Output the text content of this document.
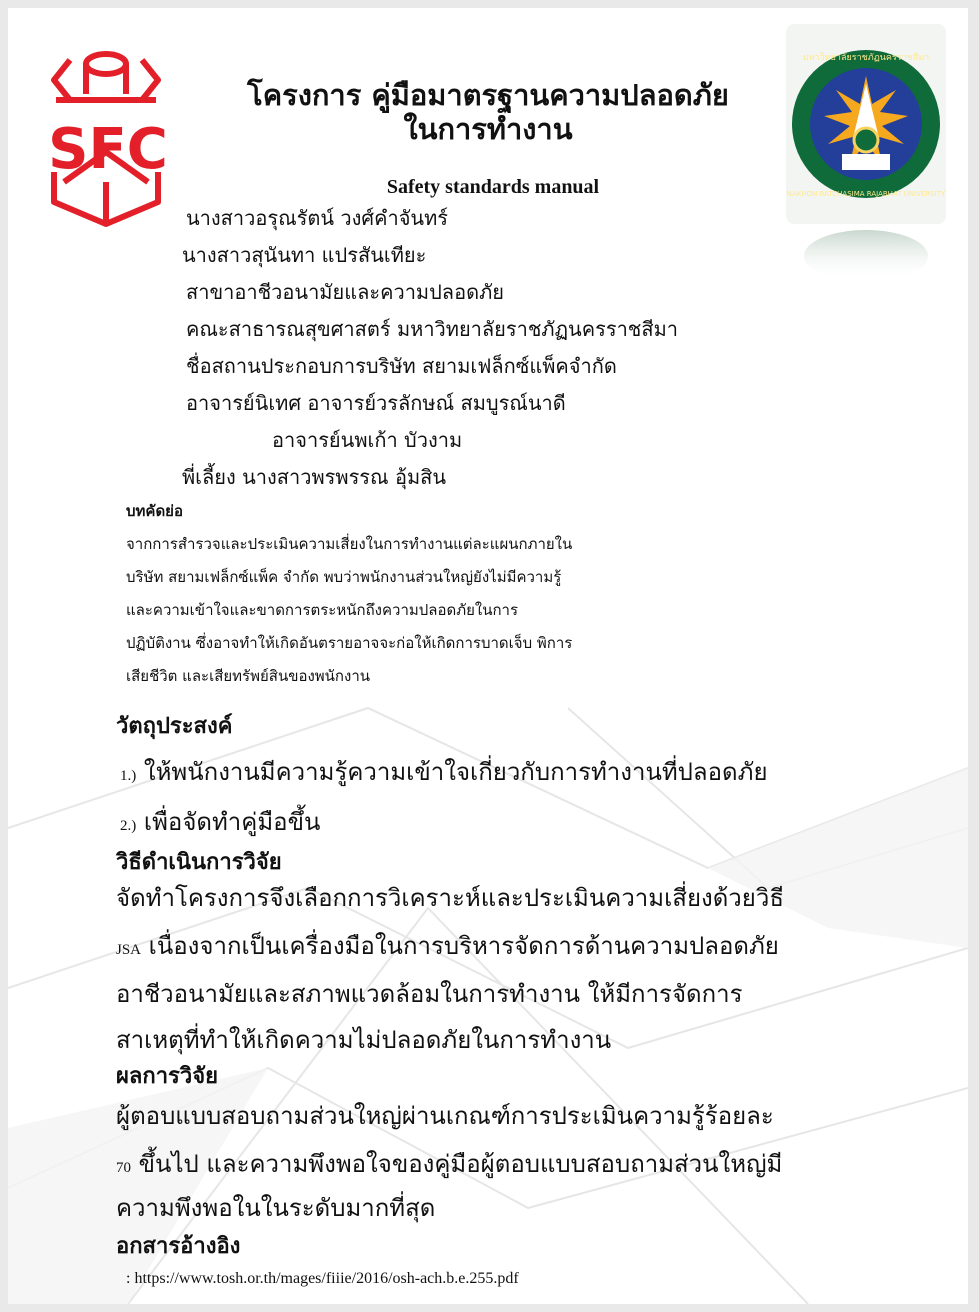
SFC
มหาวิทยาลัยราชภัฏนครราชสีมา
NAKHON RATCHASIMA RAJABHAT UNIVERSITY
โครงการ คู่มือมาตรฐานความปลอดภัย
ในการทำงาน
Safety standards manual
นางสาวอรุณรัตน์ วงศ์คำจันทร์
นางสาวสุนันทา แปรสันเทียะ
สาขาอาชีวอนามัยและความปลอดภัย
คณะสาธารณสุขศาสตร์ มหาวิทยาลัยราชภัฏนครราชสีมา
ชื่อสถานประกอบการบริษัท สยามเฟล็กซ์แพ็คจำกัด
อาจารย์นิเทศ อาจารย์วรลักษณ์ สมบูรณ์นาดี
อาจารย์นพเก้า บัวงาม
พี่เลี้ยง นางสาวพรพรรณ อุ้มสิน
บทคัดย่อ
จากการสำรวจและประเมินความเสี่ยงในการทำงานแต่ละแผนกภายใน
บริษัท สยามเฟล็กซ์แพ็ค จำกัด พบว่าพนักงานส่วนใหญ่ยังไม่มีความรู้
และความเข้าใจและขาดการตระหนักถึงความปลอดภัยในการ
ปฏิบัติงาน ซึ่งอาจทำให้เกิดอันตรายอาจจะก่อให้เกิดการบาดเจ็บ พิการ
เสียชีวิต และเสียทรัพย์สินของพนักงาน
วัตถุประสงค์
1.) ให้พนักงานมีความรู้ความเข้าใจเกี่ยวกับการทำงานที่ปลอดภัย
2.) เพื่อจัดทำคู่มือขึ้น
วิธีดำเนินการวิจัย
จัดทำโครงการจึงเลือกการวิเคราะห์และประเมินความเสี่ยงด้วยวิธี
JSA เนื่องจากเป็นเครื่องมือในการบริหารจัดการด้านความปลอดภัย
อาชีวอนามัยและสภาพแวดล้อมในการทำงาน ให้มีการจัดการ
สาเหตุที่ทำให้เกิดความไม่ปลอดภัยในการทำงาน
ผลการวิจัย
ผู้ตอบแบบสอบถามส่วนใหญ่ผ่านเกณฑ์การประเมินความรู้ร้อยละ
70 ขึ้นไป และความพึงพอใจของคู่มือผู้ตอบแบบสอบถามส่วนใหญ่มี
ความพึงพอในในระดับมากที่สุด
อกสารอ้างอิง
: https://www.tosh.or.th/mages/fiiie/2016/osh-ach.b.e.255.pdf
